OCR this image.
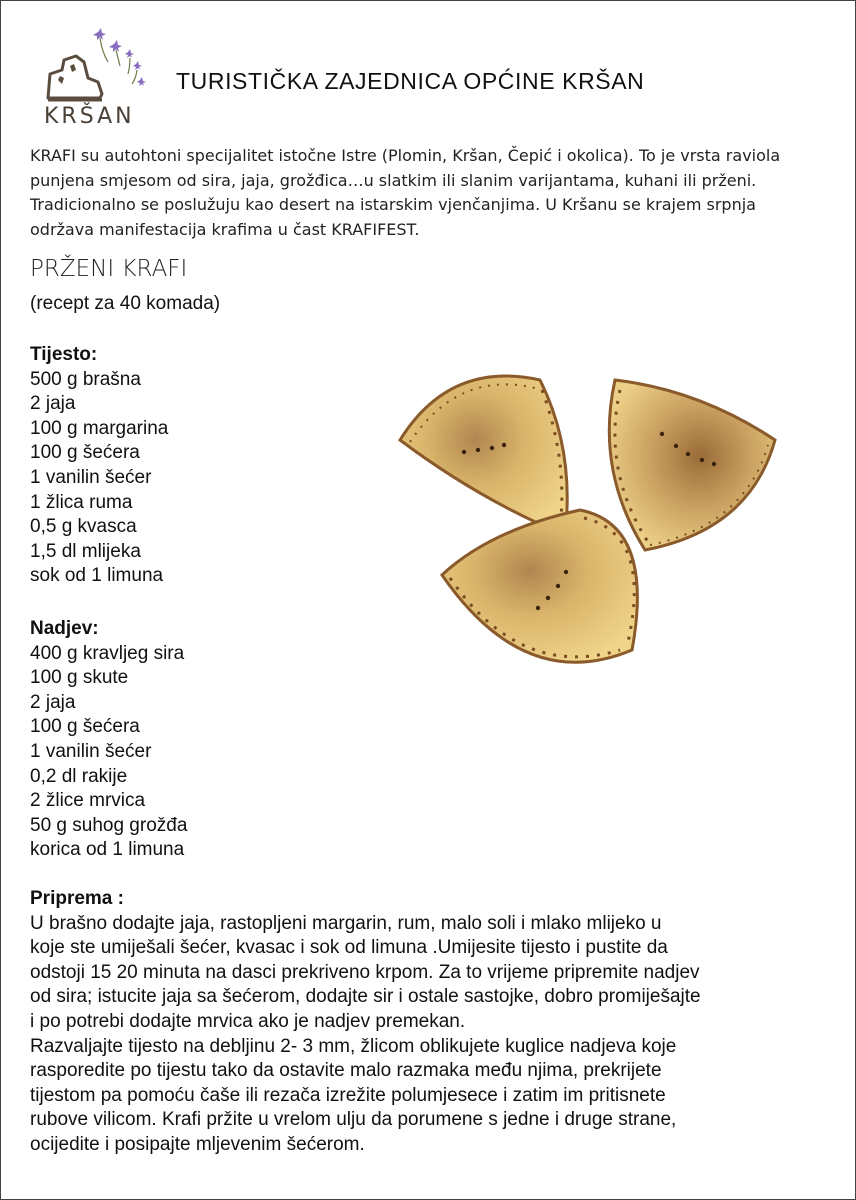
KRŠAN
TURISTIČKA ZAJEDNICA OPĆINE KRŠAN
KRAFI su autohtoni specijalitet istočne Istre (Plomin, Kršan, Čepić i okolica). To je vrsta raviola
punjena smjesom od sira, jaja, grožđica…u slatkim ili slanim varijantama, kuhani ili prženi.
Tradicionalno se poslužuju kao desert na istarskim vjenčanjima. U Kršanu se krajem srpnja
održava manifestacija krafima u čast KRAFIFEST.
PRŽENI KRAFI
(recept za 40 komada)
Tijesto:
500 g brašna
2 jaja
100 g margarina
100 g šećera
1 vanilin šećer
1 žlica ruma
0,5 g kvasca
1,5 dl mlijeka
sok od 1 limuna
Nadjev:
400 g kravljeg sira
100 g skute
2 jaja
100 g šećera
1 vanilin šećer
0,2 dl rakije
2 žlice mrvica
50 g suhog grožđa
korica od 1 limuna
Priprema :

U brašno dodajte jaja, rastopljeni margarin, rum, malo soli i mlako mlijeko u

koje ste umiješali šećer, kvasac i sok od limuna .Umijesite tijesto i pustite da

odstoji 15 20 minuta na dasci prekriveno krpom. Za to vrijeme pripremite nadjev

od sira; istucite jaja sa šećerom, dodajte sir i ostale sastojke, dobro promiješajte

i po potrebi dodajte mrvica ako je nadjev premekan.

Razvaljajte tijesto na debljinu 2- 3 mm, žlicom oblikujete kuglice nadjeva koje

rasporedite po tijestu tako da ostavite malo razmaka među njima, prekrijete

tijestom pa pomoću čaše ili rezača izrežite polumjesece i zatim im pritisnete

rubove vilicom. Krafi pržite u vrelom ulju da porumene s jedne i druge strane,

ocijedite i posipajte mljevenim šećerom.
